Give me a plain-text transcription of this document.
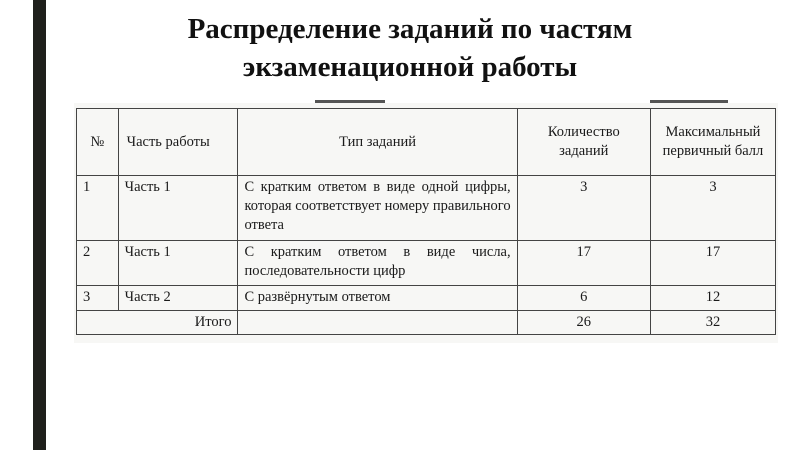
Распределение заданий по частям
экзаменационной работы
№	Часть работы	Тип заданий	Количество заданий	Максимальный первичный балл
1	Часть 1	С кратким ответом в виде одной цифры, которая соответствует номеру правильного ответа	3	3
2	Часть 1	С кратким ответом в виде числа, последовательности цифр	17	17
3	Часть 2	С развёрнутым ответом	6	12
Итого			26	32
